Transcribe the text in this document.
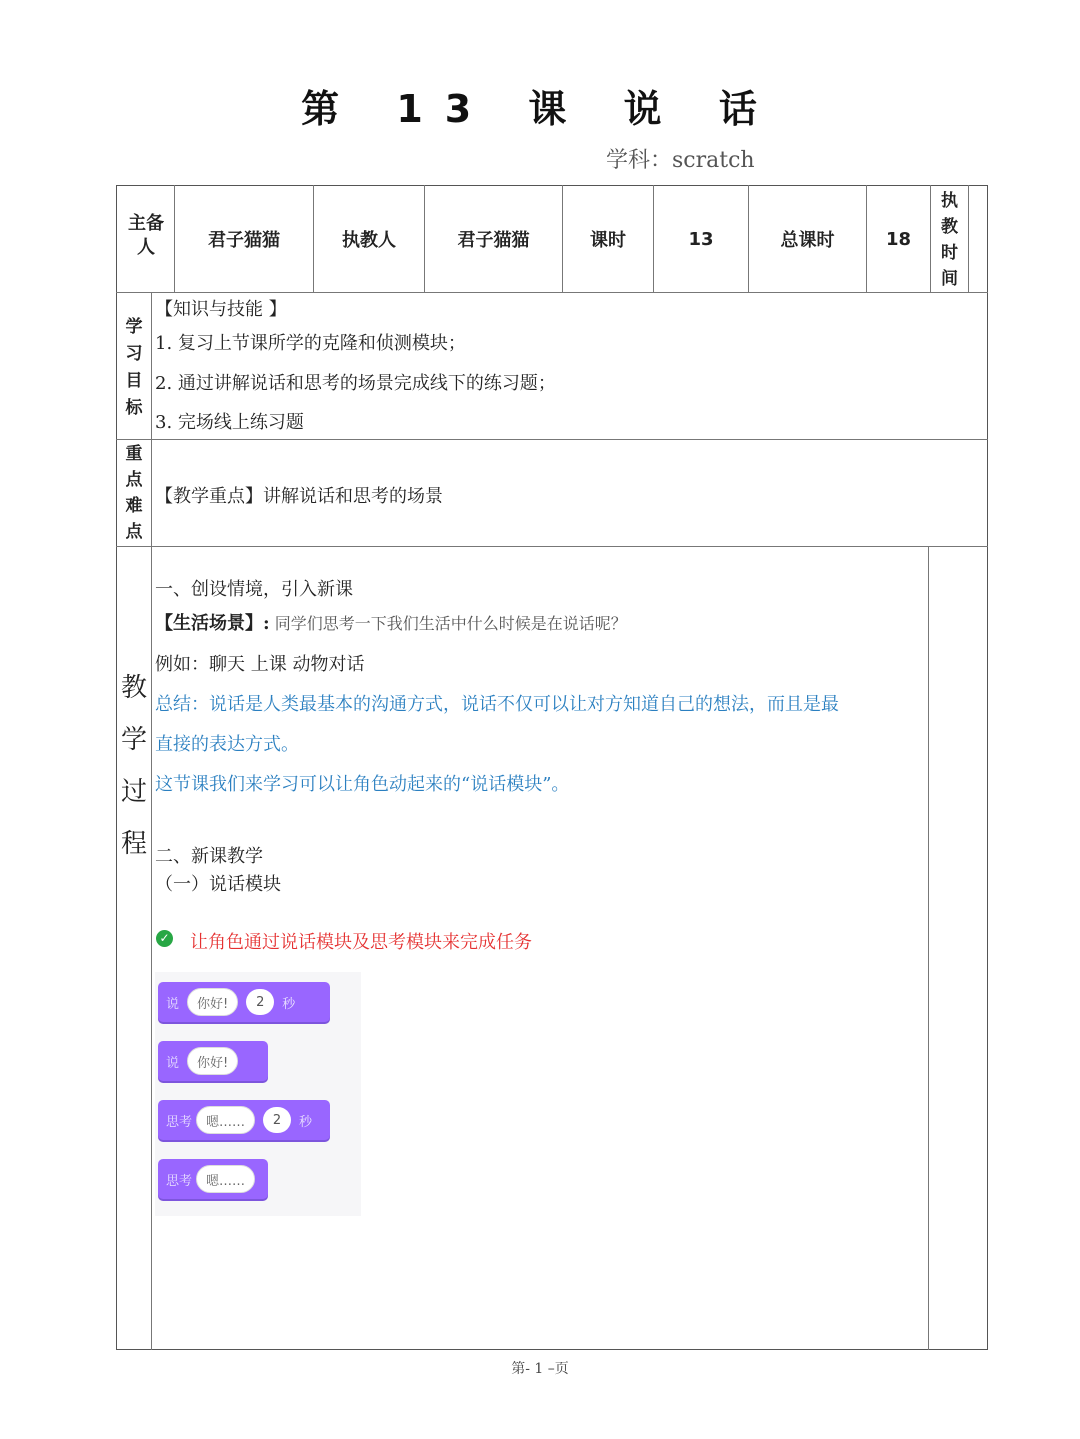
第 13 课 说 话
学科：scratch
主备
人	君子猫猫	执教人	君子猫猫	课时	13	总课时	18
执
教
时
间
学
习
目
标
【知识与技能 】
1. 复习上节课所学的克隆和侦测模块；
2. 通过讲解说话和思考的场景完成线下的练习题；
3. 完场线上练习题
重
点
难
点
【教学重点】讲解说话和思考的场景
教
学
过
程
一、创设情境，引入新课
【生活场景】: 同学们思考一下我们生活中什么时候是在说话呢？
例如：聊天 上课 动物对话
总结：说话是人类最基本的沟通方式，说话不仅可以让对方知道自己的想法，而且是最
直接的表达方式。
这节课我们来学习可以让角色动起来的“说话模块”。
二、新课教学
（一）说话模块
✓ 让角色通过说话模块及思考模块来完成任务
说	你好!	2	秒
说	你好!
思考	嗯……	2	秒
思考	嗯……
第- 1 –页
